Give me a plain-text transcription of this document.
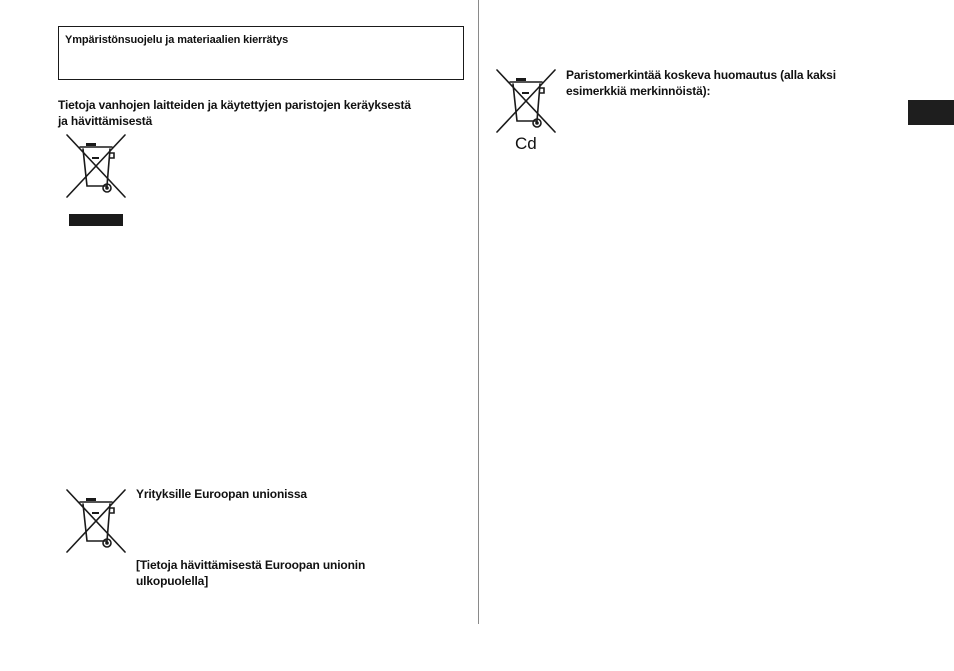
Ympäristönsuojelu ja materiaalien kierrätys
Tietoja vanhojen laitteiden ja käytettyjen paristojen keräyksestä
ja hävittämisestä
Yrityksille Euroopan unionissa
[Tietoja hävittämisestä Euroopan unionin
ulkopuolella]
Cd
Paristomerkintää koskeva huomautus (alla kaksi
esimerkkiä merkinnöistä):
